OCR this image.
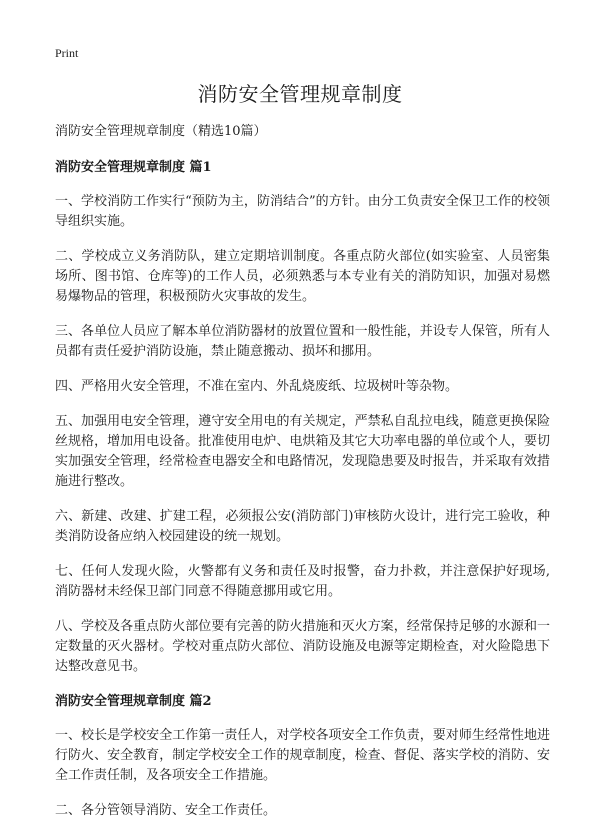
Print
消防安全管理规章制度

消防安全管理规章制度（精选10篇）

消防安全管理规章制度 篇1

一、学校消防工作实行“预防为主，防消结合”的方针。由分工负责安全保卫工作的校领导组织实施。

二、学校成立义务消防队，建立定期培训制度。各重点防火部位(如实验室、人员密集场所、图书馆、仓库等)的工作人员，必须熟悉与本专业有关的消防知识，加强对易燃易爆物品的管理，积极预防火灾事故的发生。

三、各单位人员应了解本单位消防器材的放置位置和一般性能，并设专人保管，所有人员都有责任爱护消防设施，禁止随意搬动、损坏和挪用。

四、严格用火安全管理，不准在室内、外乱烧废纸、垃圾树叶等杂物。

五、加强用电安全管理，遵守安全用电的有关规定，严禁私自乱拉电线，随意更换保险丝规格，增加用电设备。批准使用电炉、电烘箱及其它大功率电器的单位或个人，要切实加强安全管理，经常检查电器安全和电路情况，发现隐患要及时报告，并采取有效措施进行整改。

六、新建、改建、扩建工程，必须报公安(消防部门)审核防火设计，进行完工验收，种类消防设备应纳入校园建设的统一规划。

七、任何人发现火险，火警都有义务和责任及时报警，奋力扑救，并注意保护好现场,消防器材未经保卫部门同意不得随意挪用或它用。

八、学校及各重点防火部位要有完善的防火措施和灭火方案，经常保持足够的水源和一定数量的灭火器材。学校对重点防火部位、消防设施及电源等定期检查，对火险隐患下达整改意见书。

消防安全管理规章制度 篇2

一、校长是学校安全工作第一责任人，对学校各项安全工作负责，要对师生经常性地进行防火、安全教育，制定学校安全工作的规章制度，检查、督促、落实学校的消防、安全工作责任制，及各项安全工作措施。

二、各分管领导消防、安全工作责任。
